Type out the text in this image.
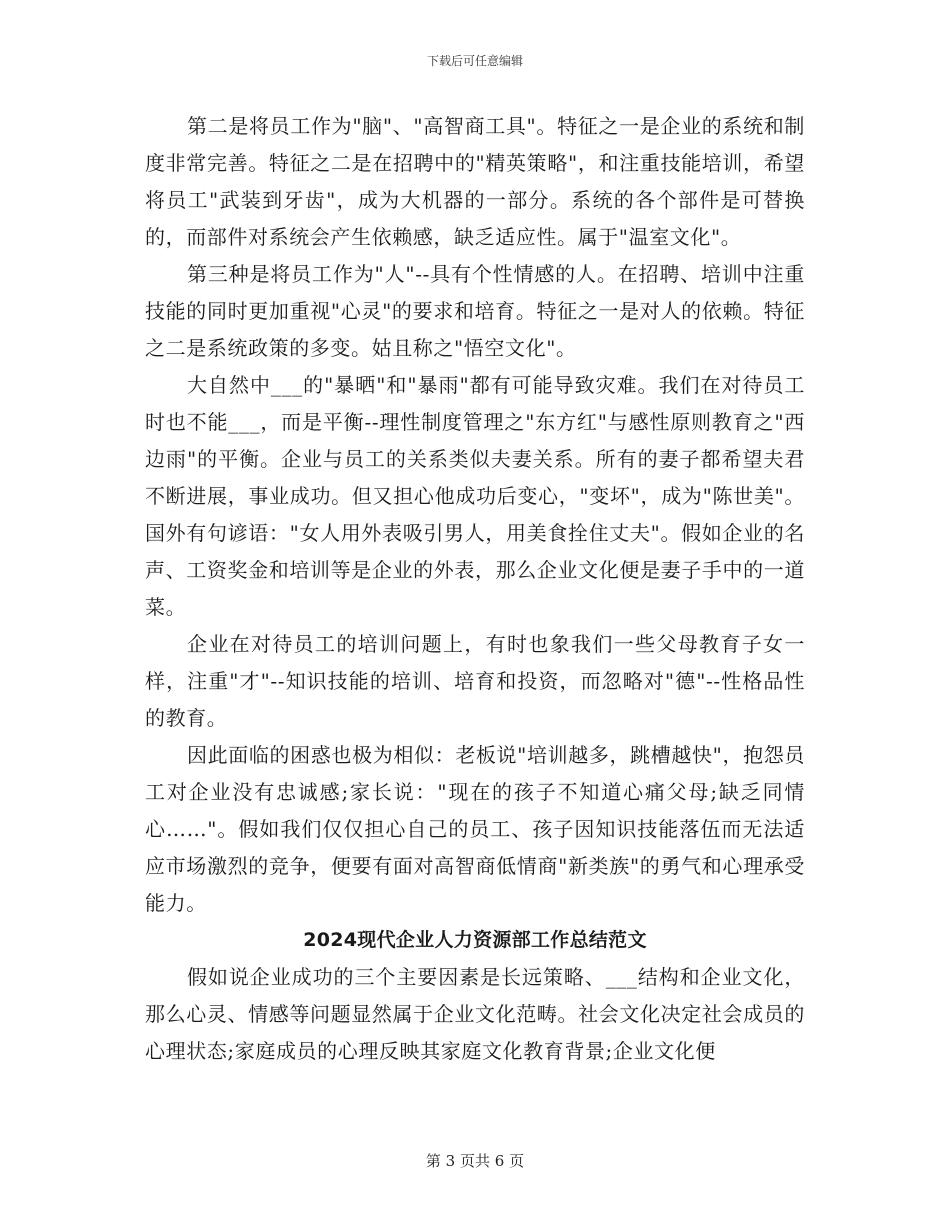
下载后可任意编辑

第二是将员工作为"脑"、"高智商工具"。特征之一是企业的系统和制度非常完善。特征之二是在招聘中的"精英策略"，和注重技能培训，希望将员工"武装到牙齿"，成为大机器的一部分。系统的各个部件是可替换的，而部件对系统会产生依赖感，缺乏适应性。属于"温室文化"。

第三种是将员工作为"人"--具有个性情感的人。在招聘、培训中注重技能的同时更加重视"心灵"的要求和培育。特征之一是对人的依赖。特征之二是系统政策的多变。姑且称之"悟空文化"。

大自然中___的"暴晒"和"暴雨"都有可能导致灾难。我们在对待员工时也不能___，而是平衡--理性制度管理之"东方红"与感性原则教育之"西边雨"的平衡。企业与员工的关系类似夫妻关系。所有的妻子都希望夫君不断进展，事业成功。但又担心他成功后变心，"变坏"，成为"陈世美"。国外有句谚语："女人用外表吸引男人，用美食拴住丈夫"。假如企业的名声、工资奖金和培训等是企业的外表，那么企业文化便是妻子手中的一道菜。

企业在对待员工的培训问题上，有时也象我们一些父母教育子女一样，注重"才"--知识技能的培训、培育和投资，而忽略对"德"--性格品性的教育。

因此面临的困惑也极为相似：老板说"培训越多，跳槽越快"，抱怨员工对企业没有忠诚感;家长说："现在的孩子不知道心痛父母;缺乏同情心……"。假如我们仅仅担心自己的员工、孩子因知识技能落伍而无法适应市场激烈的竞争，便要有面对高智商低情商"新类族"的勇气和心理承受能力。

2024现代企业人力资源部工作总结范文

假如说企业成功的三个主要因素是长远策略、___结构和企业文化，那么心灵、情感等问题显然属于企业文化范畴。社会文化决定社会成员的心理状态;家庭成员的心理反映其家庭文化教育背景;企业文化便

第 3 页共 6 页
